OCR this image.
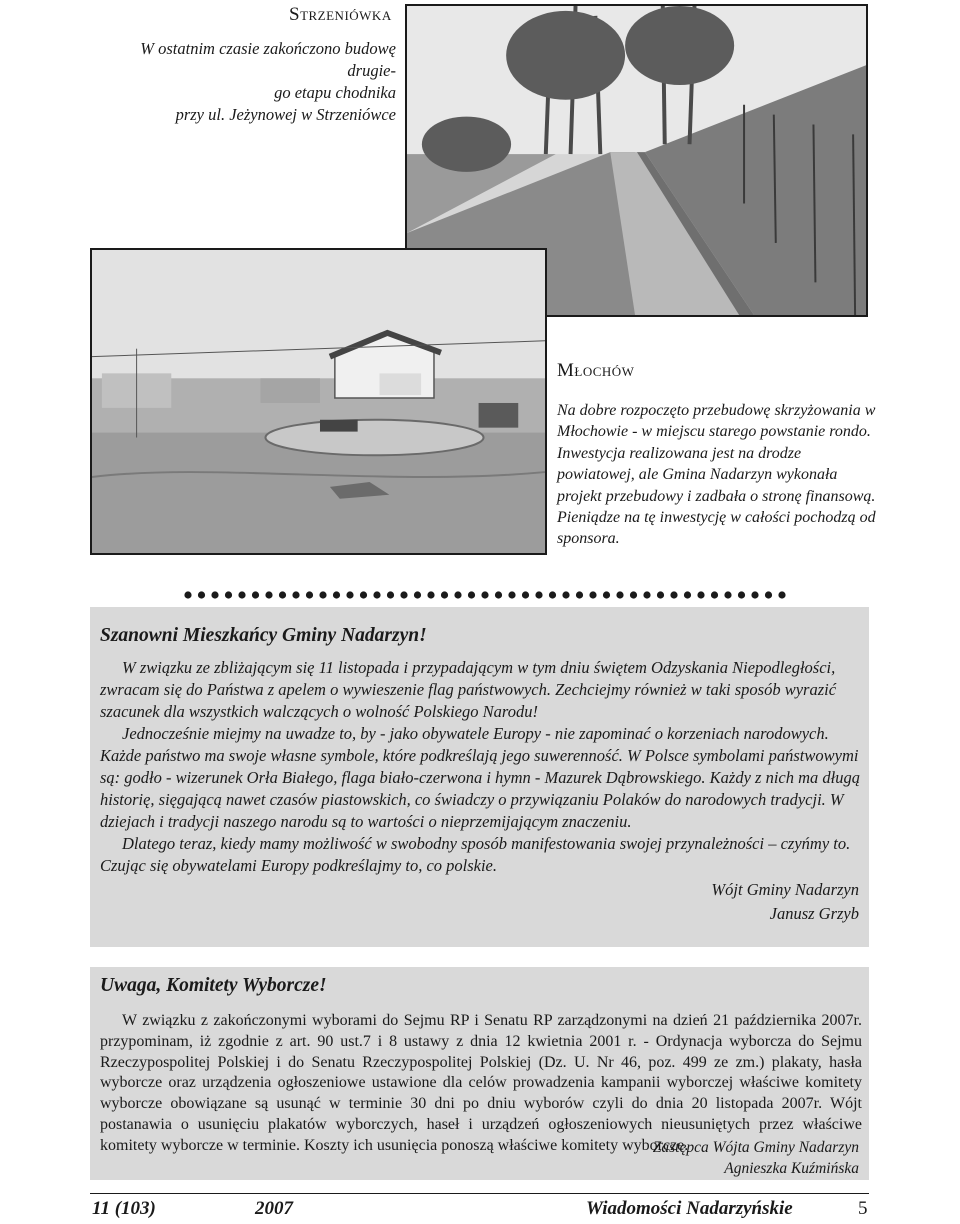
Strzeniówka
W ostatnim czasie zakończono budowę drugie-
go etapu chodnika
przy ul. Jeżynowej w Strzeniówce
Młochów

Na dobre rozpoczęto przebudowę skrzyżowania w Młochowie - w miejscu starego powstanie rondo.

Inwestycja realizowana jest na drodze powiatowej, ale Gmina Nadarzyn wykonała projekt przebudowy i zadbała o stronę finansową.

Pieniądze na tę inwestycję w całości pochodzą od sponsora.

Szanowni Mieszkańcy Gminy Nadarzyn!

W związku ze zbliżającym się 11 listopada i przypadającym w tym dniu świętem Odzyskania Niepodległości, zwracam się do Państwa z apelem o wywieszenie flag państwowych. Zechciejmy również w taki sposób wyrazić szacunek dla wszystkich walczących o wolność Polskiego Narodu!

Jednocześnie miejmy na uwadze to, by - jako obywatele Europy - nie zapominać o korzeniach narodowych. Każde państwo ma swoje własne symbole, które podkreślają jego suwerenność. W Polsce symbolami państwowymi są: godło - wizerunek Orła Białego, flaga biało-czerwona i hymn - Mazurek Dąbrowskiego. Każdy z nich ma długą historię, sięgającą nawet czasów piastowskich, co świadczy o przywiązaniu Polaków do narodowych tradycji. W dziejach i tradycji naszego narodu są to wartości o nieprzemijającym znaczeniu.

Dlatego teraz, kiedy mamy możliwość w swobodny sposób manifestowania swojej przynależności – czyńmy to. Czując się obywatelami Europy podkreślajmy to, co polskie.

Wójt Gminy Nadarzyn
Janusz Grzyb
Uwaga, Komitety Wyborcze!

W związku z zakończonymi wyborami do Sejmu RP i Senatu RP zarządzonymi na dzień 21 października 2007r. przypominam, iż zgodnie z art. 90 ust.7 i 8 ustawy z dnia 12 kwietnia 2001 r. - Ordynacja wyborcza do Sejmu Rzeczypospolitej Polskiej i do Senatu Rzeczypospolitej Polskiej (Dz. U. Nr 46, poz. 499 ze zm.) plakaty, hasła wyborcze oraz urządzenia ogłoszeniowe ustawione dla celów prowadzenia kampanii wyborczej właściwe komitety wyborcze obowiązane są usunąć w terminie 30 dni po dniu wyborów czyli do dnia 20 listopada 2007r. Wójt postanawia o usunięciu plakatów wyborczych, haseł i urządzeń ogłoszeniowych nieusuniętych przez właściwe komitety wyborcze w terminie. Koszty ich usunięcia ponoszą właściwe komitety wyborcze.

Zastępca Wójta Gminy Nadarzyn
Agnieszka Kuźmińska
11 (103)	2007	Wiadomości Nadarzyńskie	5
